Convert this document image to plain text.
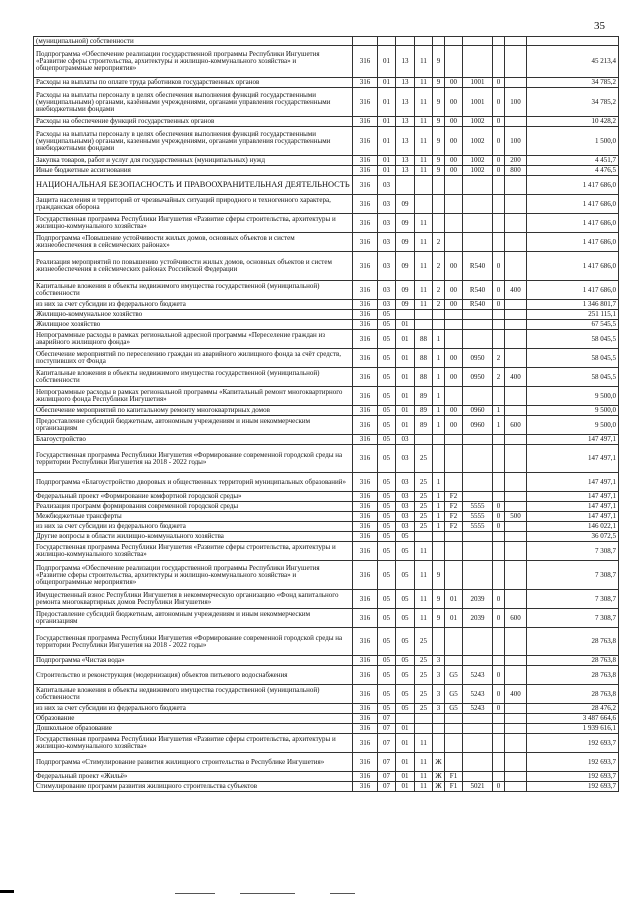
35
(муниципальной) собственности										
Подпрограмма «Обеспечение реализации государственной программы Республики Ингушетия «Развитие сферы строительства, архитектуры и жилищно-коммунального хозяйства» и общепрограммные мероприятия»	316	01	13	11	9					45 213,4
Расходы на выплаты по оплате труда работников государственных органов	316	01	13	11	9	00	1001	0		34 785,2
Расходы на выплаты персоналу в целях обеспечения выполнения функций государственными (муниципальными) органами, казёнными учреждениями, органами управления государственными внебюджетными фондами	316	01	13	11	9	00	1001	0	100	34 785,2
Расходы на обеспечение функций государственных органов	316	01	13	11	9	00	1002	0		10 428,2
Расходы на выплаты персоналу в целях обеспечения выполнения функций государственными (муниципальными) органами, казенными учреждениями, органами управления государственными внебюджетными фондами	316	01	13	11	9	00	1002	0	100	1 500,0
Закупка товаров, работ и услуг для государственных (муниципальных) нужд	316	01	13	11	9	00	1002	0	200	4 451,7
Иные бюджетные ассигнования	316	01	13	11	9	00	1002	0	800	4 476,5
НАЦИОНАЛЬНАЯ БЕЗОПАСНОСТЬ И ПРАВООХРАНИТЕЛЬНАЯ ДЕЯТЕЛЬНОСТЬ	316	03								1 417 686,0
Защита населения и территорий от чрезвычайных ситуаций природного и техногенного характера, гражданская оборона	316	03	09							1 417 686,0
Государственная программа Республики Ингушетия «Развитие сферы строительства, архитектуры и жилищно-коммунального хозяйства»	316	03	09	11						1 417 686,0
Подпрограмма «Повышение устойчивости жилых домов, основных объектов и систем жизнеобеспечения в сейсмических районах»	316	03	09	11	2					1 417 686,0
Реализация мероприятий по повышению устойчивости жилых домов, основных объектов и систем жизнеобеспечения в сейсмических районах Российской Федерации	316	03	09	11	2	00	R540	0		1 417 686,0
Капитальные вложения в объекты недвижимого имущества государственной (муниципальной) собственности	316	03	09	11	2	00	R540	0	400	1 417 686,0
из них за счет субсидии из федерального бюджета	316	03	09	11	2	00	R540	0		1 346 801,7
Жилищно-коммунальное хозяйство	316	05								251 115,1
Жилищное хозяйство	316	05	01							67 545,5
Непрограммные расходы в рамках региональной адресной программы «Переселение граждан из аварийного жилищного фонда»	316	05	01	88	1					58 045,5
Обеспечение мероприятий по переселению граждан из аварийного жилищного фонда за счёт средств, поступивших от Фонда	316	05	01	88	1	00	0950	2		58 045,5
Капитальные вложения в объекты недвижимого имущества государственной (муниципальной) собственности	316	05	01	88	1	00	0950	2	400	58 045,5
Непрограммные расходы в рамках региональной программы «Капитальный ремонт многоквартирного жилищного фонда Республики Ингушетия»	316	05	01	89	1					9 500,0
Обеспечение мероприятий по капитальному ремонту многоквартирных домов	316	05	01	89	1	00	0960	1		9 500,0
Предоставление субсидий бюджетным, автономным учреждениям и иным некоммерческим организациям	316	05	01	89	1	00	0960	1	600	9 500,0
Благоустройство	316	05	03							147 497,1
Государственная программа Республики Ингушетия «Формирование современной городской среды на территории Республики Ингушетия на 2018 - 2022 годы»	316	05	03	25						147 497,1
Подпрограмма «Благоустройство дворовых и общественных территорий муниципальных образований»	316	05	03	25	1					147 497,1
Федеральный проект «Формирование комфортной городской среды»	316	05	03	25	1	F2				147 497,1
Реализация программ формирования современной городской среды	316	05	03	25	1	F2	5555	0		147 497,1
Межбюджетные трансферты	316	05	03	25	1	F2	5555	0	500	147 497,1
из них за счет субсидии из федерального бюджета	316	05	03	25	1	F2	5555	0		146 022,1
Другие вопросы в области жилищно-коммунального хозяйства	316	05	05							36 072,5
Государственная программа Республики Ингушетия «Развитие сферы строительства, архитектуры и жилищно-коммунального хозяйства»	316	05	05	11						7 308,7
Подпрограмма «Обеспечение реализации государственной программы Республики Ингушетия «Развитие сферы строительства, архитектуры и жилищно-коммунального хозяйства» и общепрограммные мероприятия»	316	05	05	11	9					7 308,7
Имущественный взнос Республики Ингушетия в некоммерческую организацию «Фонд капитального ремонта многоквартирных домов Республики Ингушетия»	316	05	05	11	9	01	2039	0		7 308,7
Предоставление субсидий бюджетным, автономным учреждениям и иным некоммерческим организациям	316	05	05	11	9	01	2039	0	600	7 308,7
Государственная программа Республики Ингушетия «Формирование современной городской среды на территории Республики Ингушетия на 2018 - 2022 годы»	316	05	05	25						28 763,8
Подпрограмма «Чистая вода»	316	05	05	25	3					28 763,8
Строительство и реконструкция (модернизация) объектов питьевого водоснабжения	316	05	05	25	3	G5	5243	0		28 763,8
Капитальные вложения в объекты недвижимого имущества государственной (муниципальной) собственности	316	05	05	25	3	G5	5243	0	400	28 763,8
из них за счет субсидии из федерального бюджета	316	05	05	25	3	G5	5243	0		28 476,2
Образование	316	07								3 487 664,6
Дошкольное образование	316	07	01							1 939 616,1
Государственная программа Республики Ингушетия «Развитие сферы строительства, архитектуры и жилищно-коммунального хозяйства»	316	07	01	11						192 693,7
Подпрограмма «Стимулирование развития жилищного строительства в Республике Ингушетия»	316	07	01	11	Ж					192 693,7
Федеральный проект «Жильё»	316	07	01	11	Ж	F1				192 693,7
Стимулирование программ развития жилищного строительства субъектов	316	07	01	11	Ж	F1	5021	0		192 693,7
